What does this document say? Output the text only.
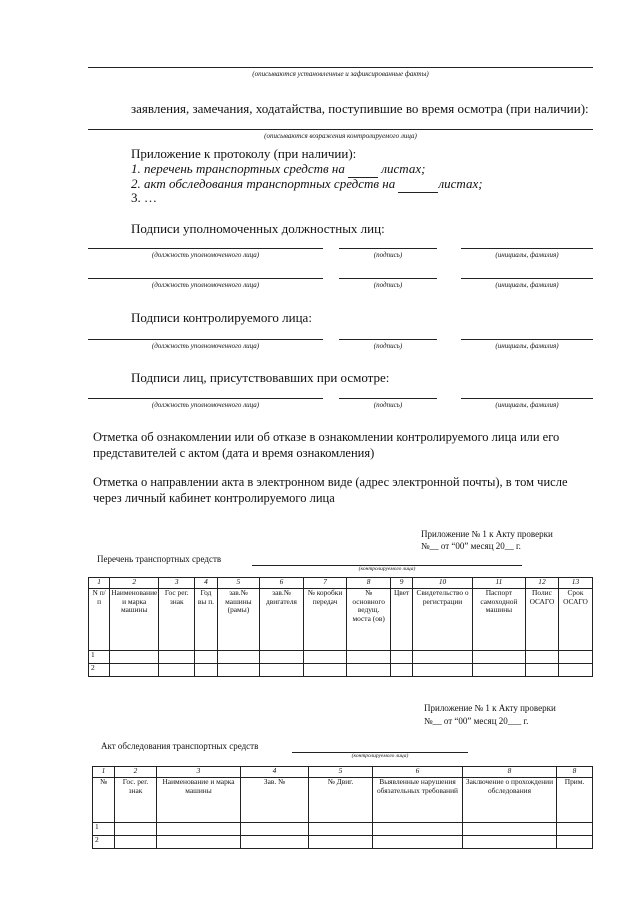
(описываются установленные и зафиксированные факты)
заявления, замечания, ходатайства, поступившие во время осмотра (при наличии):
(описываются возражения контролируемого лица)
Приложение к протоколу (при наличии):
1. перечень транспортных средств на   листах;
2. акт обследования транспортных средств на	листах;
3. …
Подписи уполномоченных должностных лиц:
(должность уполномоченного лица)	(подпись)	(инициалы, фамилия)
(должность уполномоченного лица)	(подпись)	(инициалы, фамилия)
Подписи контролируемого лица:
(должность уполномоченного лица)	(подпись)	(инициалы, фамилия)
Подписи лиц, присутствовавших при осмотре:
(должность уполномоченного лица)	(подпись)	(инициалы, фамилия)
Отметка об ознакомлении или об отказе в ознакомлении контролируемого лица или его представителей с актом (дата и время ознакомления)
Отметка о направлении акта в электронном виде (адрес электронной почты), в том числе через личный кабинет контролируемого лица
Приложение № 1 к Акту проверки
№__ от “00” месяц 20__ г.
Перечень транспортных средств
(контролируемого лица)
1	2	3	4	5	6	7	8	9	10	11	12	13
N п/ п	Наименование и марка машины	Гос рег. знак	Год вы п.	зав.№ машины (рамы)	зав.№ двигателя	№ коробки передач	№ основного ведущ. моста (ов)	Цвет	Свидетельство о регистрации	Паспорт самоходной машины	Полис ОСАГО	Срок ОСАГО
1												
2												
Приложение № 1 к Акту проверки
№__ от “00” месяц 20___ г.
Акт обследования транспортных средств
(контролируемого лица)
1	2	3	4	5	6	8	8
№	Гос. рег. знак	Наименование и марка машины	Зав. №	№ Двиг.	Выявленные нарушения обязательных требований	Заключение о прохождении обследования	Прим.
1							
2							
